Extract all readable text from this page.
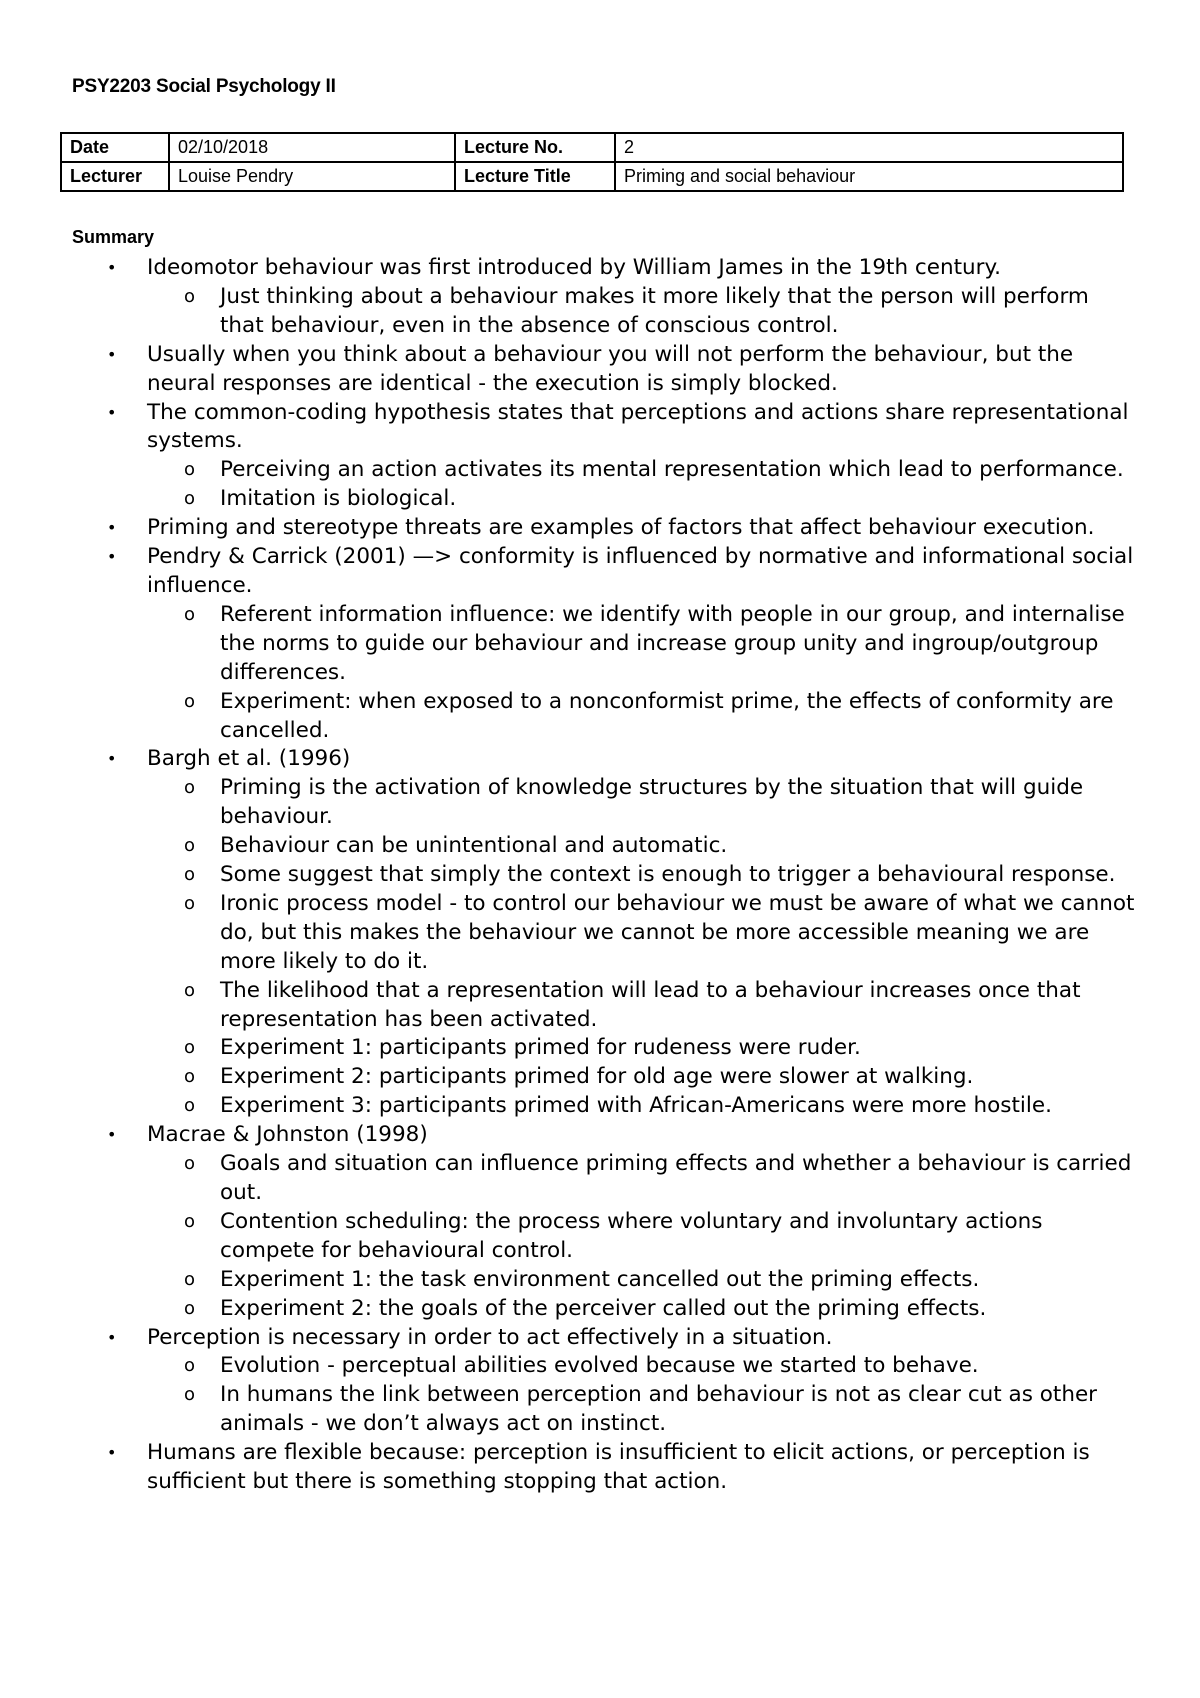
PSY2203 Social Psychology II
Date	02/10/2018	Lecture No.	2
Lecturer	Louise Pendry	Lecture Title	Priming and social behaviour
Summary
• Ideomotor behaviour was first introduced by William James in the 19th century.
o Just thinking about a behaviour makes it more likely that the person will perform that behaviour, even in the absence of conscious control.
• Usually when you think about a behaviour you will not perform the behaviour, but the neural responses are identical - the execution is simply blocked.
• The common-coding hypothesis states that perceptions and actions share representational systems.
o Perceiving an action activates its mental representation which lead to performance.
o Imitation is biological.
• Priming and stereotype threats are examples of factors that affect behaviour execution.
• Pendry & Carrick (2001) —> conformity is influenced by normative and informational social influence.
o Referent information influence: we identify with people in our group, and internalise the norms to guide our behaviour and increase group unity and ingroup/outgroup differences.
o Experiment: when exposed to a nonconformist prime, the effects of conformity are cancelled.
• Bargh et al. (1996)
o Priming is the activation of knowledge structures by the situation that will guide behaviour.
o Behaviour can be unintentional and automatic.
o Some suggest that simply the context is enough to trigger a behavioural response.
o Ironic process model - to control our behaviour we must be aware of what we cannot do, but this makes the behaviour we cannot be more accessible meaning we are more likely to do it.
o The likelihood that a representation will lead to a behaviour increases once that representation has been activated.
o Experiment 1: participants primed for rudeness were ruder.
o Experiment 2: participants primed for old age were slower at walking.
o Experiment 3: participants primed with African-Americans were more hostile.
• Macrae & Johnston (1998)
o Goals and situation can influence priming effects and whether a behaviour is carried out.
o Contention scheduling: the process where voluntary and involuntary actions compete for behavioural control.
o Experiment 1: the task environment cancelled out the priming effects.
o Experiment 2: the goals of the perceiver called out the priming effects.
• Perception is necessary in order to act effectively in a situation.
o Evolution - perceptual abilities evolved because we started to behave.
o In humans the link between perception and behaviour is not as clear cut as other animals - we don’t always act on instinct.
• Humans are flexible because: perception is insufficient to elicit actions, or perception is sufficient but there is something stopping that action.
